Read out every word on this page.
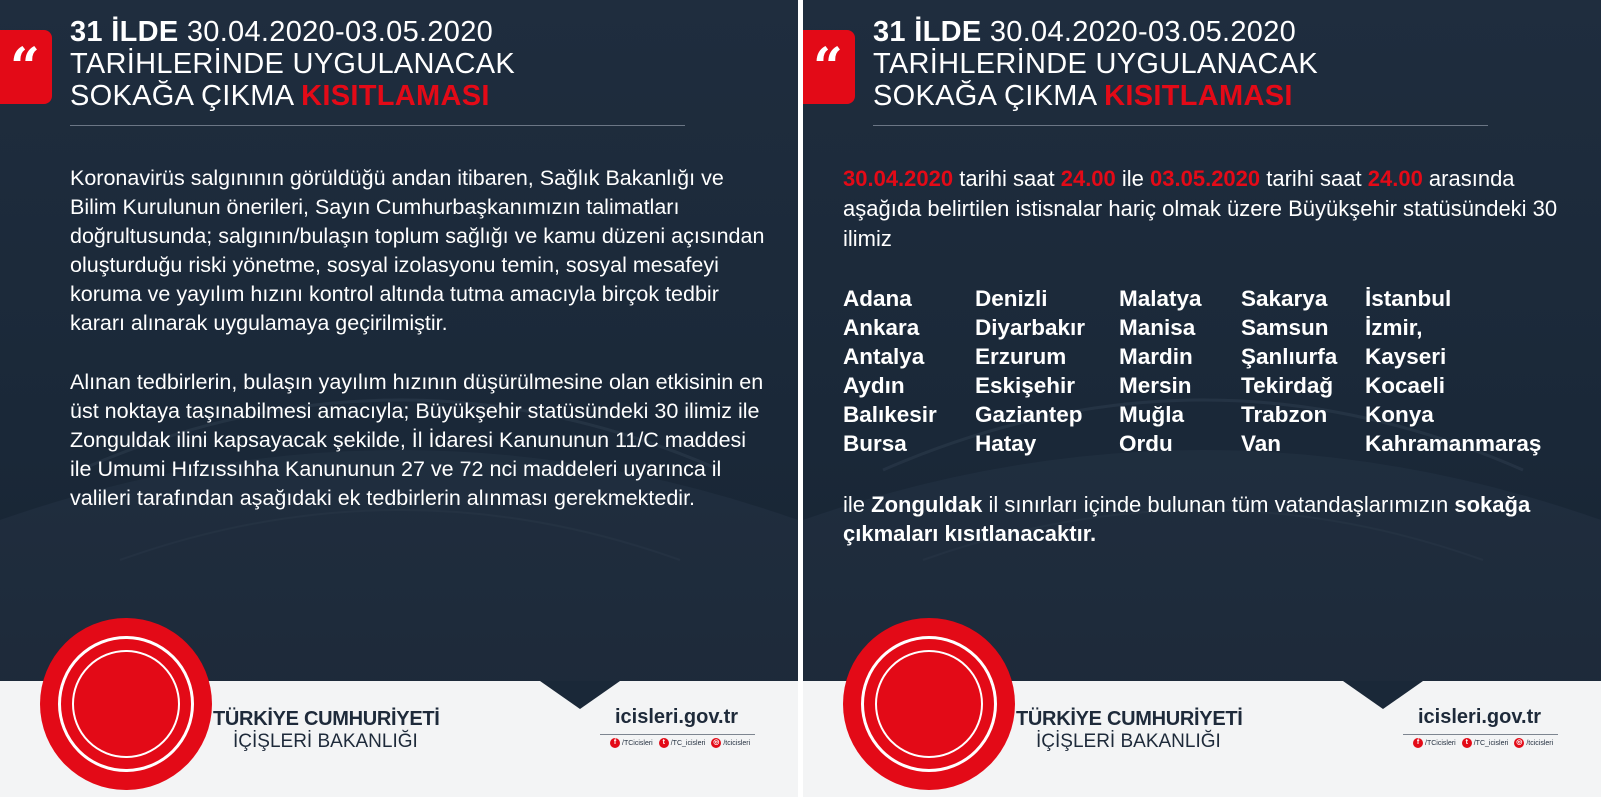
“
31 İLDE 30.04.2020-03.05.2020
TARİHLERİNDE UYGULANACAK
SOKAĞA ÇIKMA KISITLAMASI

Koronavirüs salgınının görüldüğü andan itibaren, Sağlık Bakanlığı ve Bilim Kurulunun önerileri, Sayın Cumhurbaşkanımızın talimatları doğrultusunda; salgının/bulaşın toplum sağlığı ve kamu düzeni açısından oluşturduğu riski yönetme, sosyal izolasyonu temin, sosyal mesafeyi koruma ve yayılım hızını kontrol altında tutma amacıyla birçok tedbir kararı alınarak uygulamaya geçirilmiştir.

Alınan tedbirlerin, bulaşın yayılım hızının düşürülmesine olan etkisinin en üst noktaya taşınabilmesi amacıyla; Büyükşehir statüsündeki 30 ilimiz ile Zonguldak ilini kapsayacak şekilde, İl İdaresi Kanununun 11/C maddesi ile Umumi Hıfzıssıhha Kanununun 27 ve 72 nci maddeleri uyarınca il valileri tarafından aşağıdaki ek tedbirlerin alınması gerekmektedir.

TÜRKİYE CUMHURİYETİ
İÇİŞLERİ BAKANLIĞI
icisleri.gov.tr
f /TCicisleri	t /TC_icisleri ◎ /tcicisleri
“
31 İLDE 30.04.2020-03.05.2020
TARİHLERİNDE UYGULANACAK
SOKAĞA ÇIKMA KISITLAMASI
30.04.2020 tarihi saat 24.00 ile 03.05.2020 tarihi saat 24.00 arasında aşağıda belirtilen istisnalar hariç olmak üzere Büyükşehir statüsündeki 30 ilimiz
Adana
Ankara
Antalya
Aydın
Balıkesir
Bursa
Denizli
Diyarbakır
Erzurum
Eskişehir
Gaziantep
Hatay
Malatya
Manisa
Mardin
Mersin
Muğla
Ordu
Sakarya
Samsun
Şanlıurfa
Tekirdağ
Trabzon
Van
İstanbul
İzmir,
Kayseri
Kocaeli
Konya
Kahramanmaraş
ile Zonguldak il sınırları içinde bulunan tüm vatandaşlarımızın sokağa çıkmaları kısıtlanacaktır.
TÜRKİYE CUMHURİYETİ
İÇİŞLERİ BAKANLIĞI
icisleri.gov.tr
f /TCicisleri	t /TC_icisleri ◎ /tcicisleri
